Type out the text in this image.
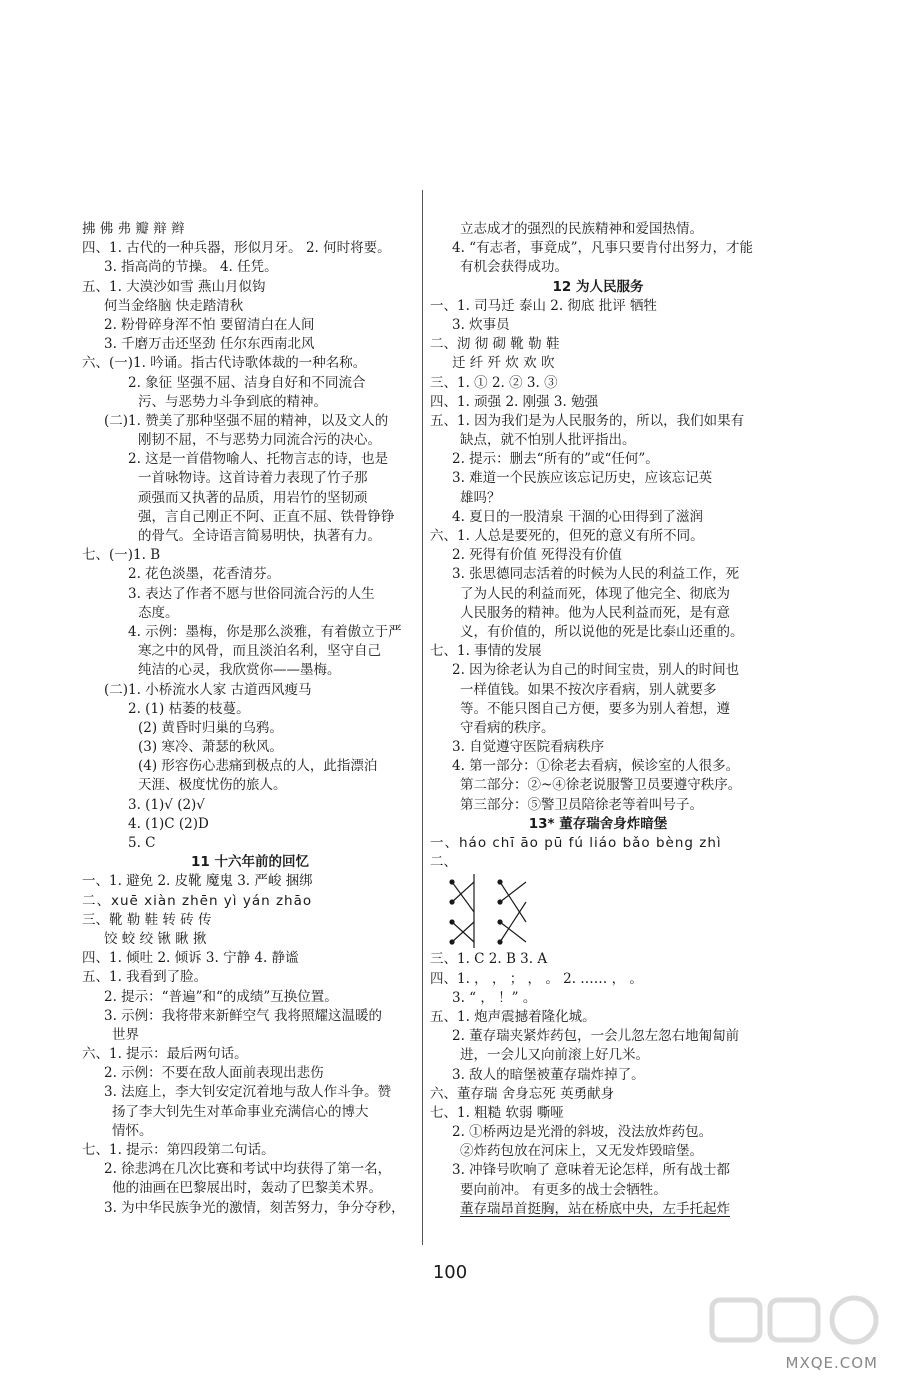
拂 佛 弗 瓣 辩 辫
四、1. 古代的一种兵器，形似月牙。 2. 何时将要。
3. 指高尚的节操。 4. 任凭。
五、1. 大漠沙如雪 燕山月似钩
何当金络脑 快走踏清秋
2. 粉骨碎身浑不怕 要留清白在人间
3. 千磨万击还坚劲 任尔东西南北风
六、(一)1. 吟诵。指古代诗歌体裁的一种名称。
2. 象征 坚强不屈、洁身自好和不同流合
污、与恶势力斗争到底的精神。
(二)1. 赞美了那种坚强不屈的精神，以及文人的
刚韧不屈，不与恶势力同流合污的决心。
2. 这是一首借物喻人、托物言志的诗，也是
一首咏物诗。这首诗着力表现了竹子那
顽强而又执著的品质，用岩竹的坚韧顽
强，言自己刚正不阿、正直不屈、铁骨铮铮
的骨气。全诗语言简易明快，执著有力。
七、(一)1. B
2. 花色淡墨，花香清芬。
3. 表达了作者不愿与世俗同流合污的人生
态度。
4. 示例：墨梅，你是那么淡雅，有着傲立于严
寒之中的风骨，而且淡泊名利，坚守自己
纯洁的心灵，我欣赏你——墨梅。
(二)1. 小桥流水人家 古道西风瘦马
2. (1) 枯萎的枝蔓。
(2) 黄昏时归巢的乌鸦。
(3) 寒冷、萧瑟的秋风。
(4) 形容伤心悲痛到极点的人，此指漂泊
天涯、极度忧伤的旅人。
3. (1)√ (2)√
4. (1)C (2)D
5. C
11 十六年前的回忆
一、1. 避免 2. 皮靴 魔鬼 3. 严峻 捆绑
二、xuē xiàn zhēn yì yán zhāo
三、靴 勒 鞋 转 砖 传
饺 蛟 绞 锹 瞅 揪
四、1. 倾吐 2. 倾诉 3. 宁静 4. 静谧
五、1. 我看到了脸。
2. 提示：“普遍”和“的成绩”互换位置。
3. 示例：我将带来新鲜空气 我将照耀这温暖的
世界
六、1. 提示：最后两句话。
2. 示例：不要在敌人面前表现出悲伤
3. 法庭上，李大钊安定沉着地与敌人作斗争。赞
扬了李大钊先生对革命事业充满信心的博大
情怀。
七、1. 提示：第四段第二句话。
2. 徐悲鸿在几次比赛和考试中均获得了第一名，
他的油画在巴黎展出时，轰动了巴黎美术界。
3. 为中华民族争光的激情，刻苦努力，争分夺秒，
立志成才的强烈的民族精神和爱国热情。
4. “有志者，事竟成”，凡事只要肯付出努力，才能
有机会获得成功。
12 为人民服务
一、1. 司马迁 泰山 2. 彻底 批评 牺牲
3. 炊事员
二、沏 彻 砌 靴 勒 鞋
迁 纤 歼 炊 欢 吹
三、1. ① 2. ② 3. ③
四、1. 顽强 2. 刚强 3. 勉强
五、1. 因为我们是为人民服务的，所以，我们如果有
缺点，就不怕别人批评指出。
2. 提示：删去“所有的”或“任何”。
3. 难道一个民族应该忘记历史，应该忘记英
雄吗？
4. 夏日的一股清泉 干涸的心田得到了滋润
六、1. 人总是要死的，但死的意义有所不同。
2. 死得有价值 死得没有价值
3. 张思德同志活着的时候为人民的利益工作，死
了为人民的利益而死，体现了他完全、彻底为
人民服务的精神。他为人民利益而死，是有意
义，有价值的，所以说他的死是比泰山还重的。
七、1. 事情的发展
2. 因为徐老认为自己的时间宝贵，别人的时间也
一样值钱。如果不按次序看病，别人就要多
等。不能只图自己方便，要多为别人着想，遵
守看病的秩序。
3. 自觉遵守医院看病秩序
4. 第一部分：①徐老去看病，候诊室的人很多。
第二部分：②~④徐老说服警卫员要遵守秩序。
第三部分：⑤警卫员陪徐老等着叫号子。
13* 董存瑞舍身炸暗堡
一、háo chī āo pū fú liáo bǎo bèng zhì
二、
三、1. C 2. B 3. A
四、1. ， ， ； ， 。 2. …… ， 。
3. “ ， ！” 。
五、1. 炮声震撼着隆化城。
2. 董存瑞夹紧炸药包，一会儿忽左忽右地匍匐前
进，一会儿又向前滚上好几米。
3. 敌人的暗堡被董存瑞炸掉了。
六、董存瑞 舍身忘死 英勇献身
七、1. 粗糙 软弱 嘶哑
2. ①桥两边是光滑的斜坡，没法放炸药包。
②炸药包放在河床上，又无发炸毁暗堡。
3. 冲锋号吹响了 意味着无论怎样，所有战士都
要向前冲。 有更多的战士会牺牲。
董存瑞昂首挺胸，站在桥底中央，左手托起炸
100
MXQE.COM
